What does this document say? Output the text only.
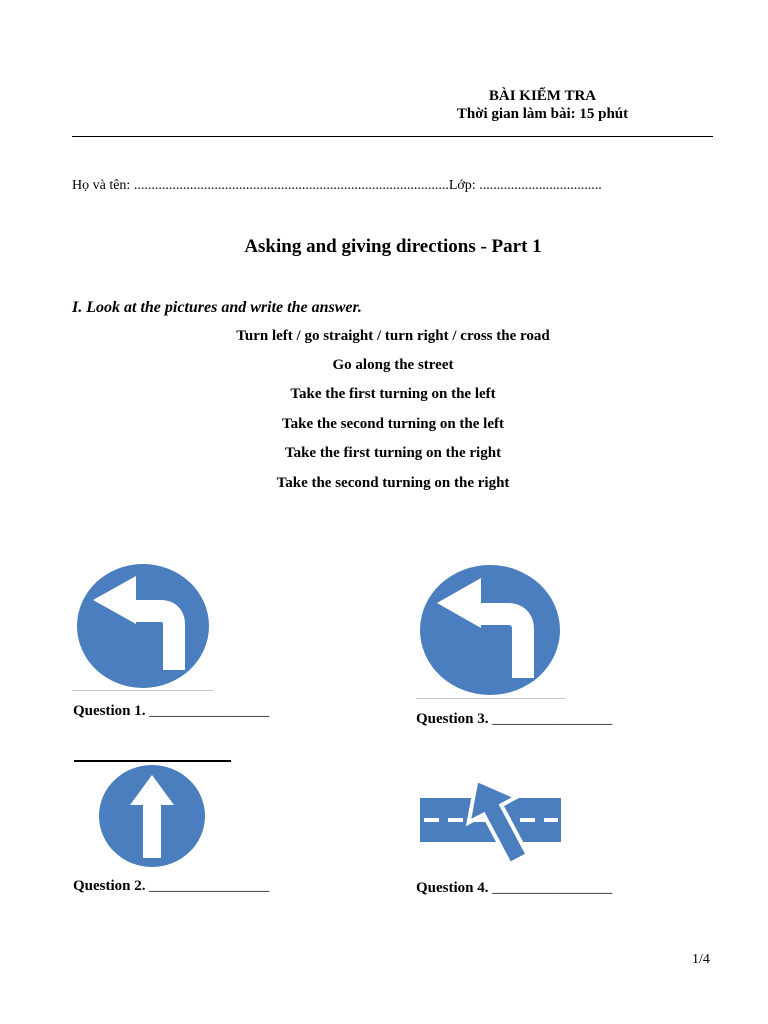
BÀI KIỂM TRA
Thời gian làm bài: 15 phút
Họ và tên: ..........................................................................................Lớp: ...................................
Asking and giving directions - Part 1
I. Look at the pictures and write the answer.
Turn left / go straight / turn right / cross the road
Go along the street
Take the first turning on the left
Take the second turning on the left
Take the first turning on the right
Take the second turning on the right
Question 1. ________________
Question 2. ________________
Question 3. ________________
Question 4. ________________
1/4
